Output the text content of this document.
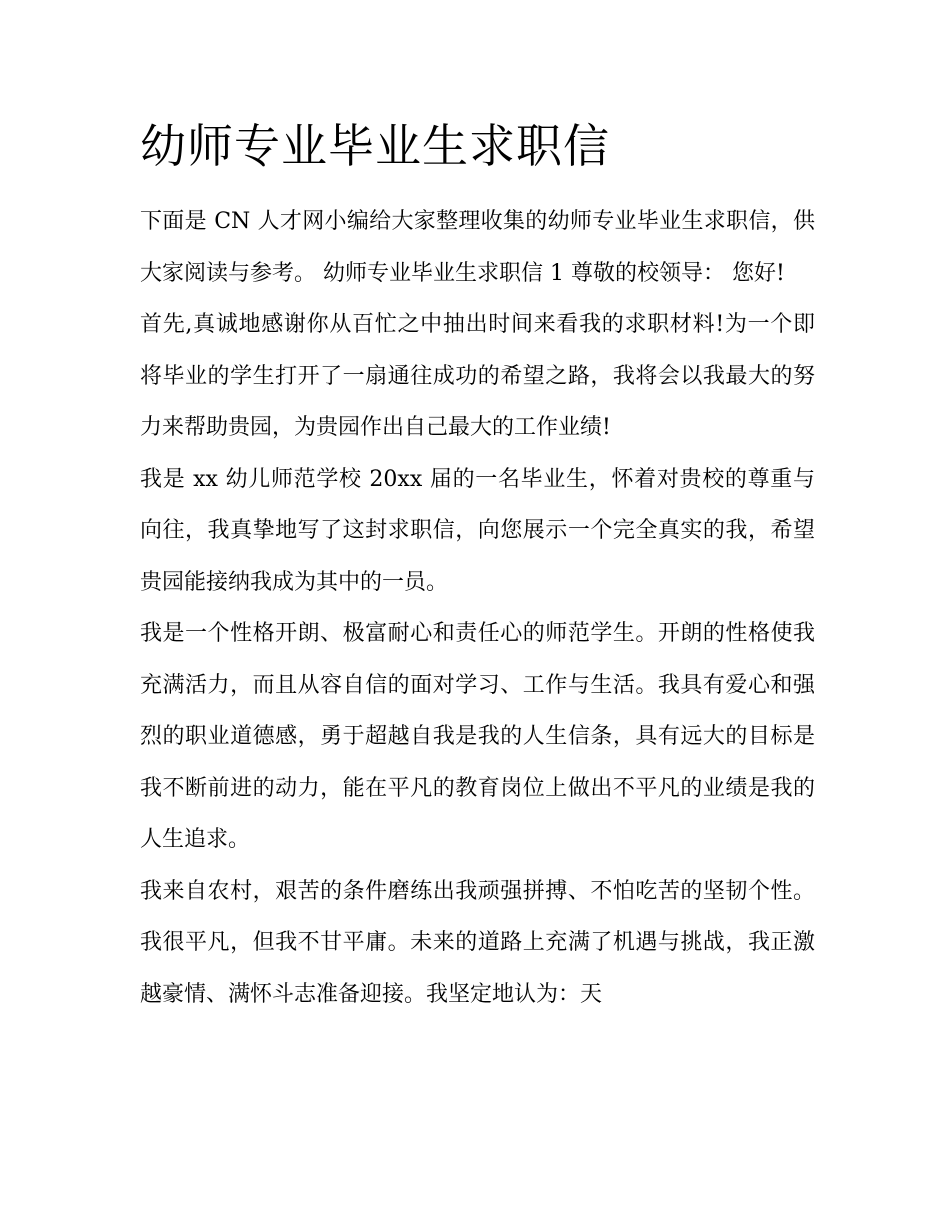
幼师专业毕业生求职信

下面是 CN 人才网小编给大家整理收集的幼师专业毕业生求职信，供大家阅读与参考。 幼师专业毕业生求职信 1 尊敬的校领导： 您好!

首先,真诚地感谢你从百忙之中抽出时间来看我的求职材料!为一个即将毕业的学生打开了一扇通往成功的希望之路，我将会以我最大的努力来帮助贵园，为贵园作出自己最大的工作业绩!

我是 xx 幼儿师范学校 20xx 届的一名毕业生，怀着对贵校的尊重与向往，我真挚地写了这封求职信，向您展示一个完全真实的我，希望贵园能接纳我成为其中的一员。

我是一个性格开朗、极富耐心和责任心的师范学生。开朗的性格使我充满活力，而且从容自信的面对学习、工作与生活。我具有爱心和强烈的职业道德感，勇于超越自我是我的人生信条，具有远大的目标是我不断前进的动力，能在平凡的教育岗位上做出不平凡的业绩是我的人生追求。

我来自农村，艰苦的条件磨练出我顽强拼搏、不怕吃苦的坚韧个性。我很平凡，但我不甘平庸。未来的道路上充满了机遇与挑战，我正激越豪情、满怀斗志准备迎接。我坚定地认为：天
